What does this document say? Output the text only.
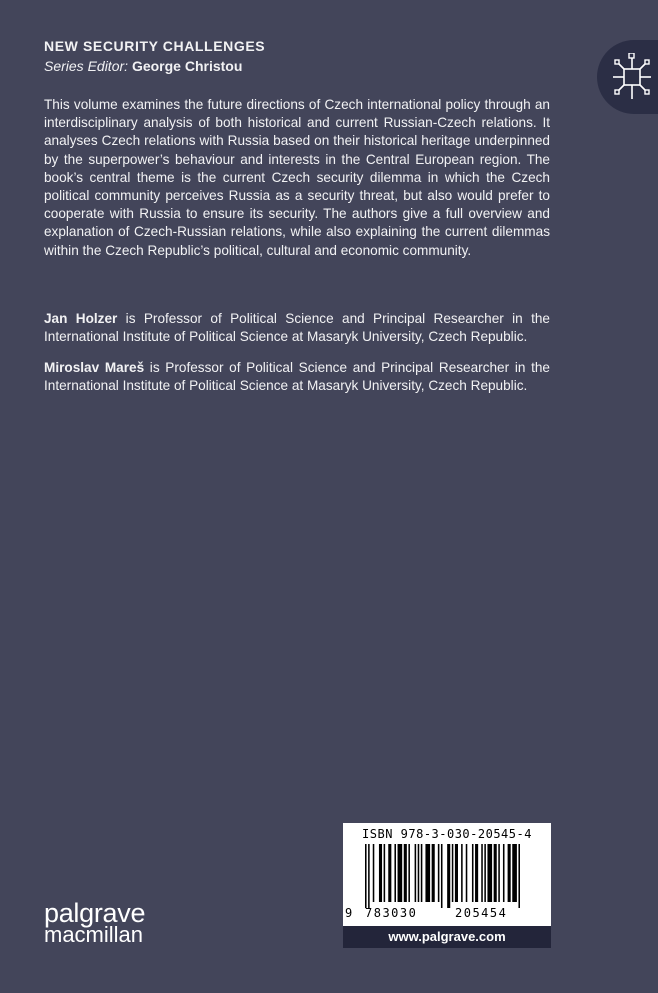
NEW SECURITY CHALLENGES
Series Editor: George Christou

This volume examines the future directions of Czech international policy through an interdisciplinary analysis of both historical and current Russian-Czech relations. It analyses Czech relations with Russia based on their historical heritage underpinned by the superpower’s behaviour and interests in the Central European region. The book’s central theme is the current Czech security dilemma in which the Czech political community perceives Russia as a security threat, but also would prefer to cooperate with Russia to ensure its security. The authors give a full overview and explanation of Czech-Russian relations, while also explaining the current dilemmas within the Czech Republic’s political, cultural and economic community.

Jan Holzer is Professor of Political Science and Principal Researcher in the International Institute of Political Science at Masaryk University, Czech Republic.

Miroslav Mareš is Professor of Political Science and Principal Researcher in the International Institute of Political Science at Masaryk University, Czech Republic.

ISBN 978-3-030-20545-4
9 783030	205454
www.palgrave.com
palgrave
macmillan
